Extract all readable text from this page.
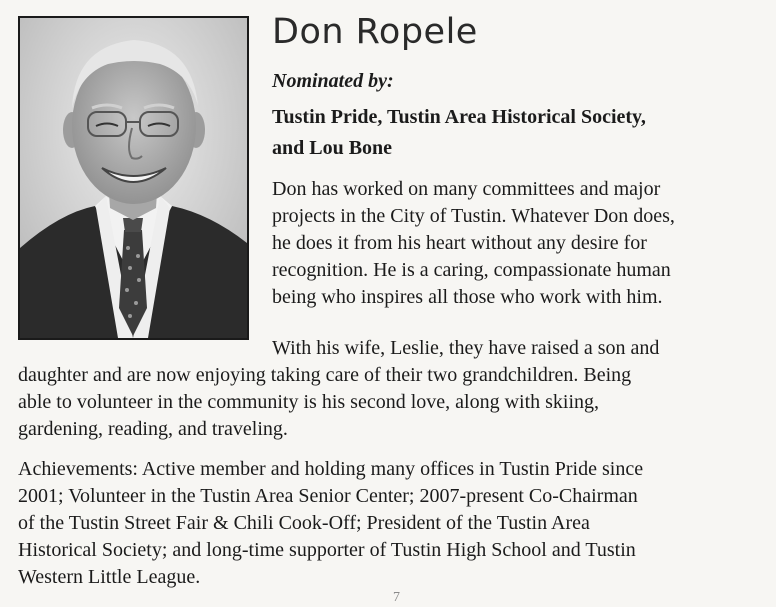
Don Ropele
Nominated by:
Tustin Pride, Tustin Area Historical Society,
and Lou Bone
Don has worked on many committees and major
projects in the City of Tustin. Whatever Don does,
he does it from his heart without any desire for
recognition. He is a caring, compassionate human
being who inspires all those who work with him.
With his wife, Leslie, they have raised a son and
daughter and are now enjoying taking care of their two grandchildren. Being
able to volunteer in the community is his second love, along with skiing,
gardening, reading, and traveling.
Achievements: Active member and holding many offices in Tustin Pride since
2001; Volunteer in the Tustin Area Senior Center; 2007-present Co-Chairman
of the Tustin Street Fair & Chili Cook-Off; President of the Tustin Area
Historical Society; and long-time supporter of Tustin High School and Tustin
Western Little League.
7
